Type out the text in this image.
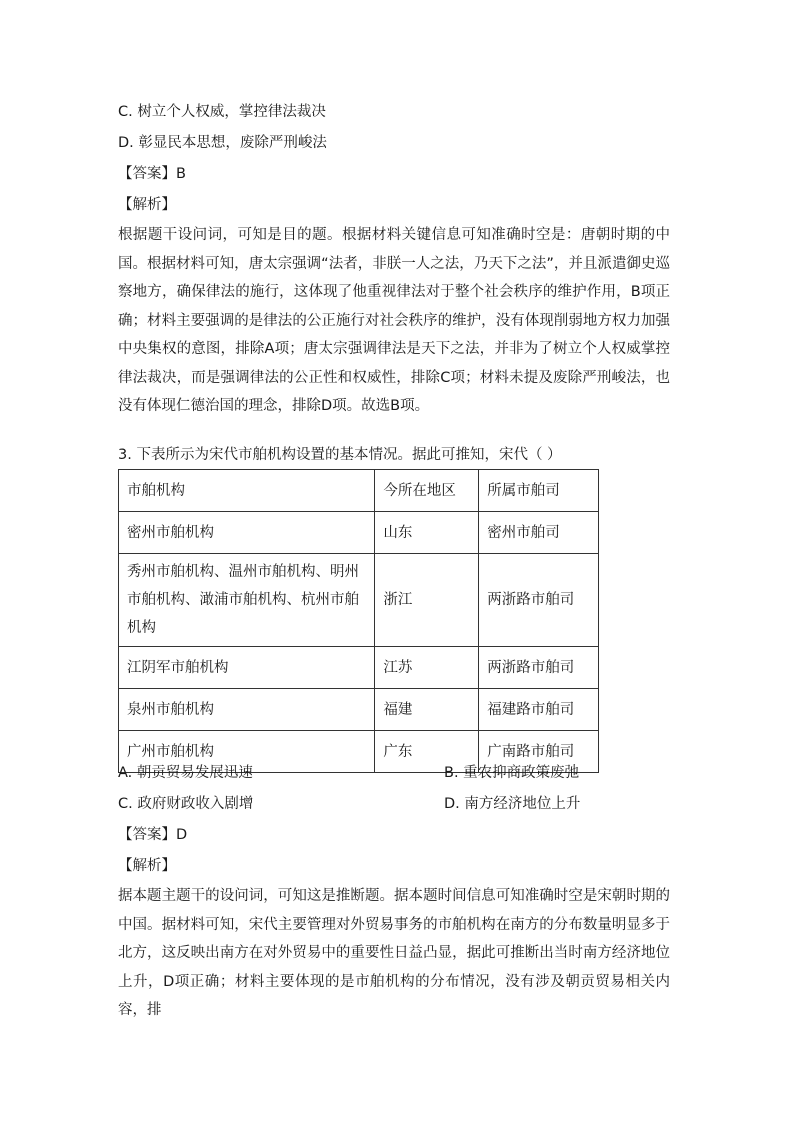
C. 树立个人权威，掌控律法裁决
D. 彰显民本思想，废除严刑峻法
【答案】B
【解析】
根据题干设问词，可知是目的题。根据材料关键信息可知准确时空是：唐朝时期的中国。根据材料可知，唐太宗强调“法者，非朕一人之法，乃天下之法”，并且派遣御史巡察地方，确保律法的施行，这体现了他重视律法对于整个社会秩序的维护作用，B项正确；材料主要强调的是律法的公正施行对社会秩序的维护，没有体现削弱地方权力加强中央集权的意图，排除A项；唐太宗强调律法是天下之法，并非为了树立个人权威掌控律法裁决，而是强调律法的公正性和权威性，排除C项；材料未提及废除严刑峻法，也没有体现仁德治国的理念，排除D项。故选B项。
3. 下表所示为宋代市舶机构设置的基本情况。据此可推知，宋代（ ）
市舶机构	今所在地区	所属市舶司
密州市舶机构	山东	密州市舶司
秀州市舶机构、温州市舶机构、明州市舶机构、澉浦市舶机构、杭州市舶机构	浙江	两浙路市舶司
江阴军市舶机构	江苏	两浙路市舶司
泉州市舶机构	福建	福建路市舶司
广州市舶机构	广东	广南路市舶司
A. 朝贡贸易发展迅速	B. 重农抑商政策废弛
C. 政府财政收入剧增	D. 南方经济地位上升
【答案】D
【解析】
据本题主题干的设问词，可知这是推断题。据本题时间信息可知准确时空是宋朝时期的中国。据材料可知，宋代主要管理对外贸易事务的市舶机构在南方的分布数量明显多于北方，这反映出南方在对外贸易中的重要性日益凸显，据此可推断出当时南方经济地位上升，D项正确；材料主要体现的是市舶机构的分布情况，没有涉及朝贡贸易相关内容，排
